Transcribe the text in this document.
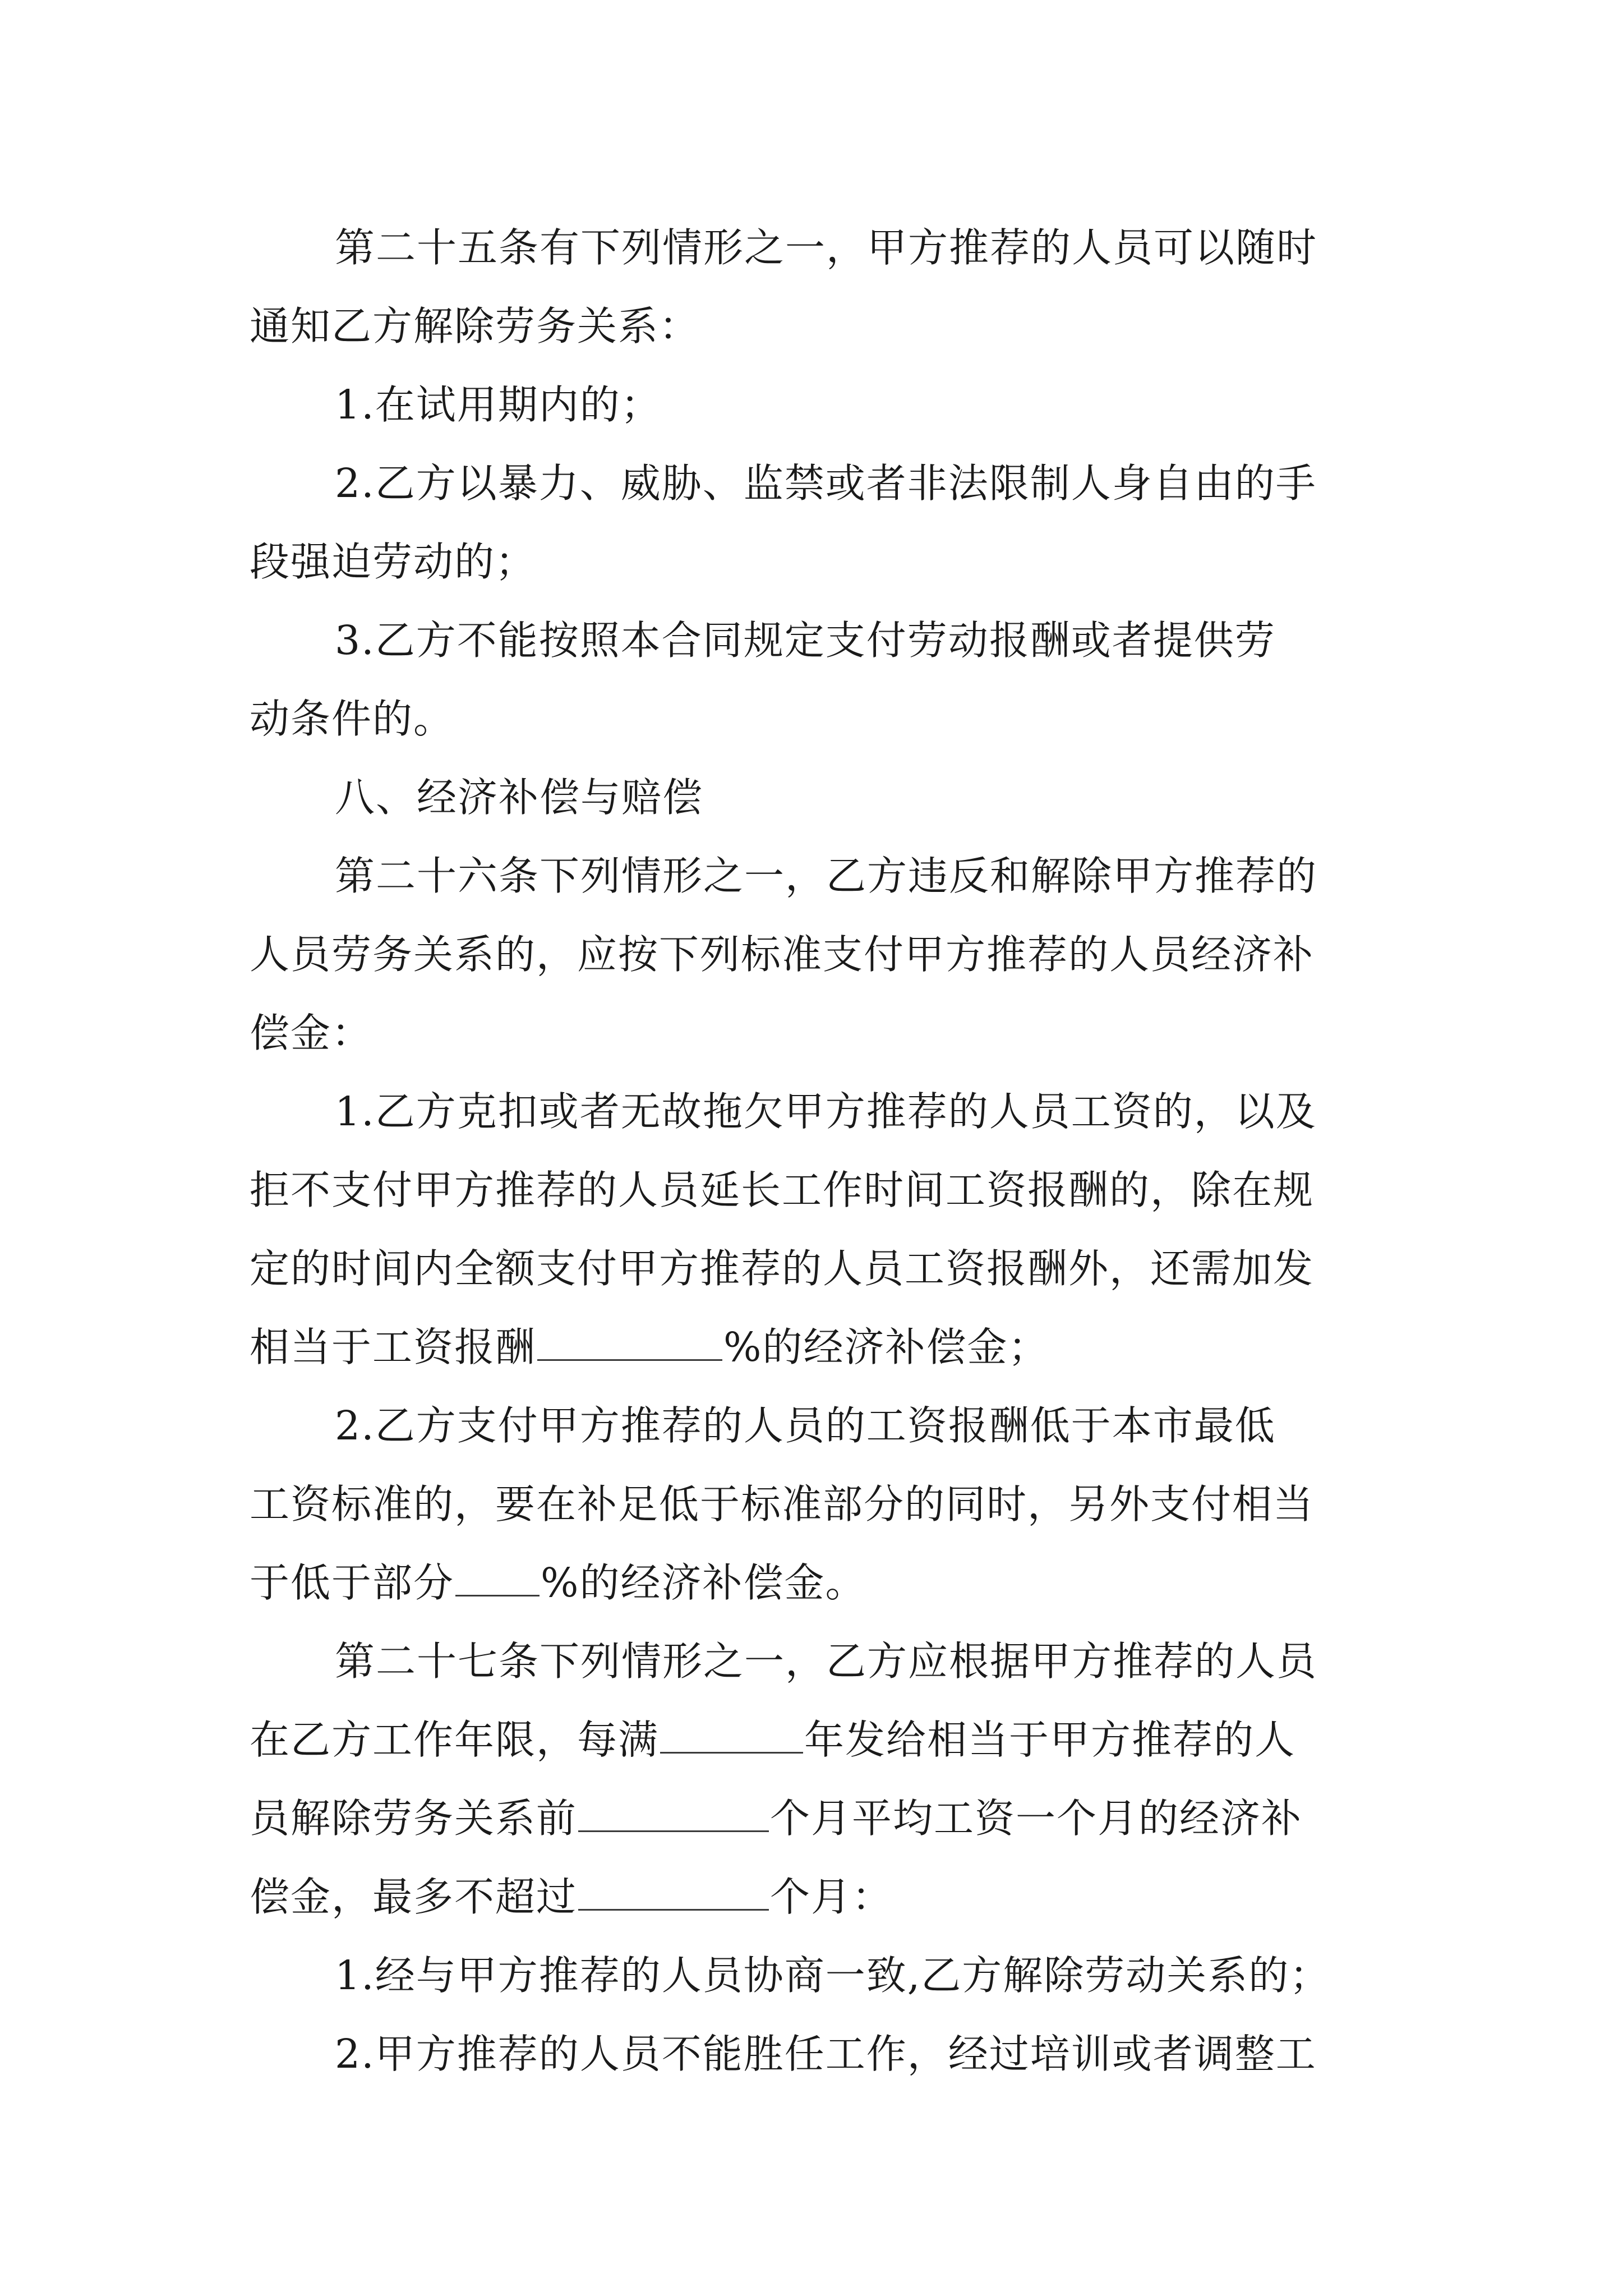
第二十五条有下列情形之一，甲方推荐的人员可以随时
通知乙方解除劳务关系：
1.在试用期内的；
2.乙方以暴力、威胁、监禁或者非法限制人身自由的手
段强迫劳动的；
3.乙方不能按照本合同规定支付劳动报酬或者提供劳
动条件的。
八、经济补偿与赔偿
第二十六条下列情形之一，乙方违反和解除甲方推荐的
人员劳务关系的，应按下列标准支付甲方推荐的人员经济补
偿金：
1.乙方克扣或者无故拖欠甲方推荐的人员工资的，以及
拒不支付甲方推荐的人员延长工作时间工资报酬的，除在规
定的时间内全额支付甲方推荐的人员工资报酬外，还需加发
相当于工资报酬	%的经济补偿金；
2.乙方支付甲方推荐的人员的工资报酬低于本市最低
工资标准的，要在补足低于标准部分的同时，另外支付相当
于低于部分 %的经济补偿金。
第二十七条下列情形之一，乙方应根据甲方推荐的人员
在乙方工作年限，每满	年发给相当于甲方推荐的人
员解除劳务关系前	个月平均工资一个月的经济补
偿金，最多不超过	个月：
1.经与甲方推荐的人员协商一致,乙方解除劳动关系的；
2.甲方推荐的人员不能胜任工作，经过培训或者调整工
